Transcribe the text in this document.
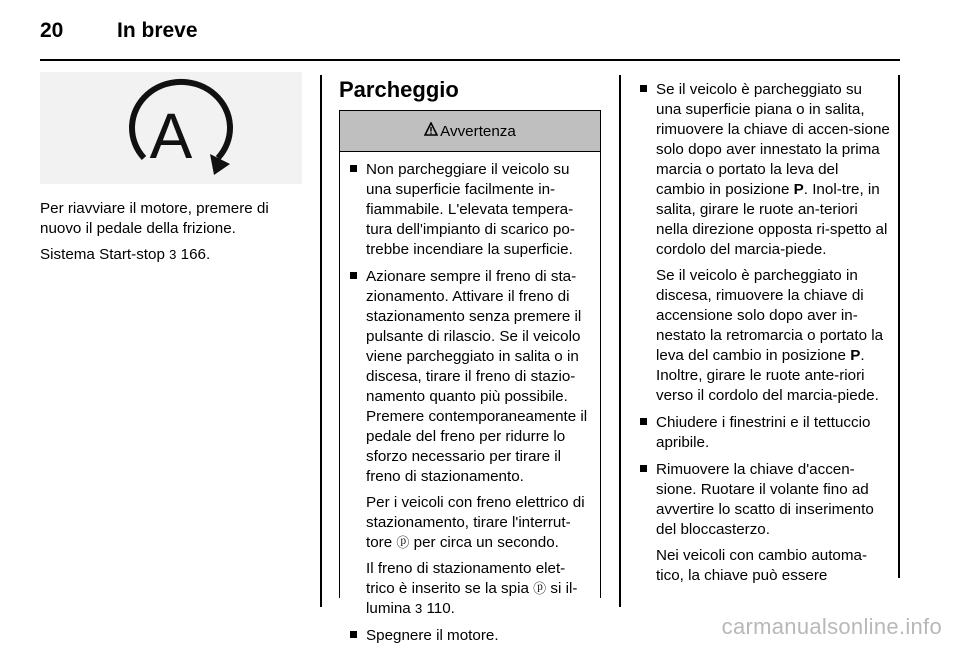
20	In breve
A

Per riavviare il motore, premere di nuovo il pedale della frizione.

Sistema Start-stop 3 166.

Parcheggio
Avvertenza

Non parcheggiare il veicolo su una superficie facilmente in-fiammabile. L'elevata tempera-tura dell'impianto di scarico po-trebbe incendiare la superficie.

Azionare sempre il freno di sta-zionamento. Attivare il freno di stazionamento senza premere il pulsante di rilascio. Se il veicolo viene parcheggiato in salita o in discesa, tirare il freno di stazio-namento quanto più possibile. Premere contemporaneamente il pedale del freno per ridurre lo sforzo necessario per tirare il freno di stazionamento.

Per i veicoli con freno elettrico di stazionamento, tirare l'interrut-tore ⓟ per circa un secondo.

Il freno di stazionamento elet-trico è inserito se la spia ⓟ si il-lumina 3 110.

Spegnere il motore.

Se il veicolo è parcheggiato su una superficie piana o in salita, rimuovere la chiave di accen-sione solo dopo aver innestato la prima marcia o portato la leva del cambio in posizione P. Inol-tre, in salita, girare le ruote an-teriori nella direzione opposta ri-spetto al cordolo del marcia-piede.

Se il veicolo è parcheggiato in discesa, rimuovere la chiave di accensione solo dopo aver in-nestato la retromarcia o portato la leva del cambio in posizione P. Inoltre, girare le ruote ante-riori verso il cordolo del marcia-piede.

Chiudere i finestrini e il tettuccio apribile.

Rimuovere la chiave d'accen-sione. Ruotare il volante fino ad avvertire lo scatto di inserimento del bloccasterzo.

Nei veicoli con cambio automa-tico, la chiave può essere

carmanualsonline.info
